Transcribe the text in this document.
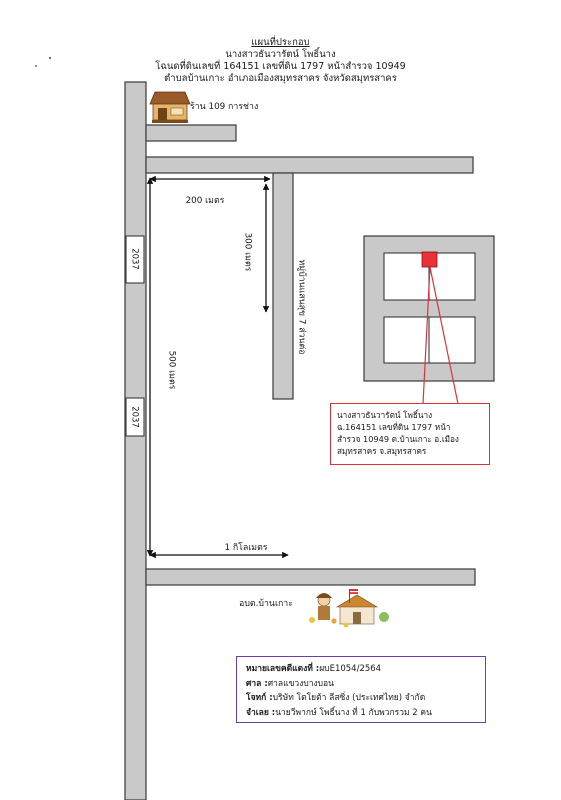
แผนที่ประกอบ
นางสาวธันวารัตน์ โพธิ์นาง
โฉนดที่ดินเลขที่ 164151 เลขที่ดิน 1797 หน้าสำรวจ 10949
ตำบลบ้านเกาะ อำเภอเมืองสมุทรสาคร จังหวัดสมุทรสาคร
2037
2037
200 เมตร
300 เมตร
500 เมตร
1 กิโลเมตร
หมู่บ้านแสนสุข 7 ส่วนต่อ
ร้าน 109 การช่าง
อบต.บ้านเกาะ
นางสาวธันวารัตน์ โพธิ์นาง
ฉ.164151 เลขที่ดิน 1797 หน้า
สำรวจ 10949 ต.บ้านเกาะ อ.เมือง
สมุทรสาคร จ.สมุทรสาคร
หมายเลขคดีแดงที่ :ผบE1054/2564
ศาล :ศาลแขวงบางบอน
โจทก์ :บริษัท โตโยต้า ลีสซิ่ง (ประเทศไทย) จำกัด
จำเลย :นายวีพากษ์ โพธิ์นาง ที่ 1 กับพวกรวม 2 คน
